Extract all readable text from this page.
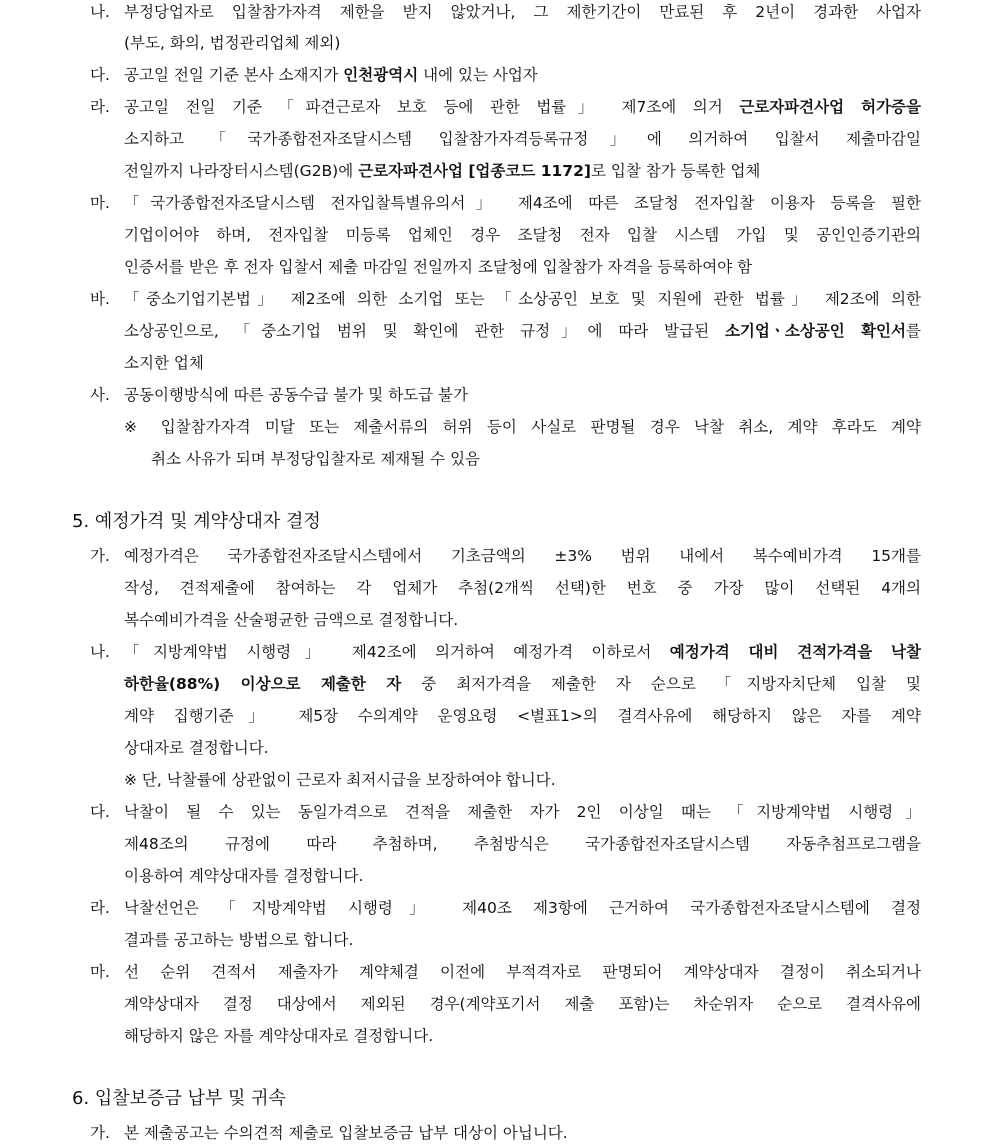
나. 부정당업자로 입찰참가자격 제한을 받지 않았거나, 그 제한기간이 만료된 후 2년이 경과한 사업자
(부도, 화의, 법정관리업체 제외)
다. 공고일 전일 기준 본사 소재지가 인천광역시 내에 있는 사업자
라. 공고일 전일 기준 「파견근로자 보호 등에 관한 법률」 제7조에 의거 근로자파견사업 허가증을
소지하고 「국가종합전자조달시스템 입찰참가자격등록규정」에 의거하여 입찰서 제출마감일
전일까지 나라장터시스템(G2B)에 근로자파견사업 [업종코드 1172]로 입찰 참가 등록한 업체
마. 「국가종합전자조달시스템 전자입찰특별유의서」 제4조에 따른 조달청 전자입찰 이용자 등록을 필한
기업이어야 하며, 전자입찰 미등록 업체인 경우 조달청 전자 입찰 시스템 가입 및 공인인증기관의
인증서를 받은 후 전자 입찰서 제출 마감일 전일까지 조달청에 입찰참가 자격을 등록하여야 함
바. 「중소기업기본법」 제2조에 의한 소기업 또는 「소상공인 보호 및 지원에 관한 법률」 제2조에 의한
소상공인으로, 「중소기업 범위 및 확인에 관한 규정」에 따라 발급된 소기업ㆍ소상공인 확인서를
소지한 업체
사. 공동이행방식에 따른 공동수급 불가 및 하도급 불가
※ 입찰참가자격 미달 또는 제출서류의 허위 등이 사실로 판명될 경우 낙찰 취소, 계약 후라도 계약
취소 사유가 되며 부정당입찰자로 제재될 수 있음
5. 예정가격 및 계약상대자 결정
가. 예정가격은 국가종합전자조달시스템에서 기초금액의 ±3% 범위 내에서 복수예비가격 15개를
작성, 견적제출에 참여하는 각 업체가 추첨(2개씩 선택)한 번호 중 가장 많이 선택된 4개의
복수예비가격을 산술평균한 금액으로 결정합니다.
나. 「지방계약법 시행령」 제42조에 의거하여 예정가격 이하로서 예정가격 대비 견적가격을 낙찰
하한율(88%) 이상으로 제출한 자 중 최저가격을 제출한 자 순으로 「지방자치단체 입찰 및
계약 집행기준」 제5장 수의계약 운영요령 <별표1>의 결격사유에 해당하지 않은 자를 계약
상대자로 결정합니다.
※ 단, 낙찰률에 상관없이 근로자 최저시급을 보장하여야 합니다.
다. 낙찰이 될 수 있는 동일가격으로 견적을 제출한 자가 2인 이상일 때는 「지방계약법 시행령」
제48조의 규정에 따라 추첨하며, 추첨방식은 국가종합전자조달시스템 자동추첨프로그램을
이용하여 계약상대자를 결정합니다.
라. 낙찰선언은 「지방계약법 시행령」 제40조 제3항에 근거하여 국가종합전자조달시스템에 결정
결과를 공고하는 방법으로 합니다.
마. 선 순위 견적서 제출자가 계약체결 이전에 부적격자로 판명되어 계약상대자 결정이 취소되거나
계약상대자 결정 대상에서 제외된 경우(계약포기서 제출 포함)는 차순위자 순으로 결격사유에
해당하지 않은 자를 계약상대자로 결정합니다.
6. 입찰보증금 납부 및 귀속
가. 본 제출공고는 수의견적 제출로 입찰보증금 납부 대상이 아닙니다.
